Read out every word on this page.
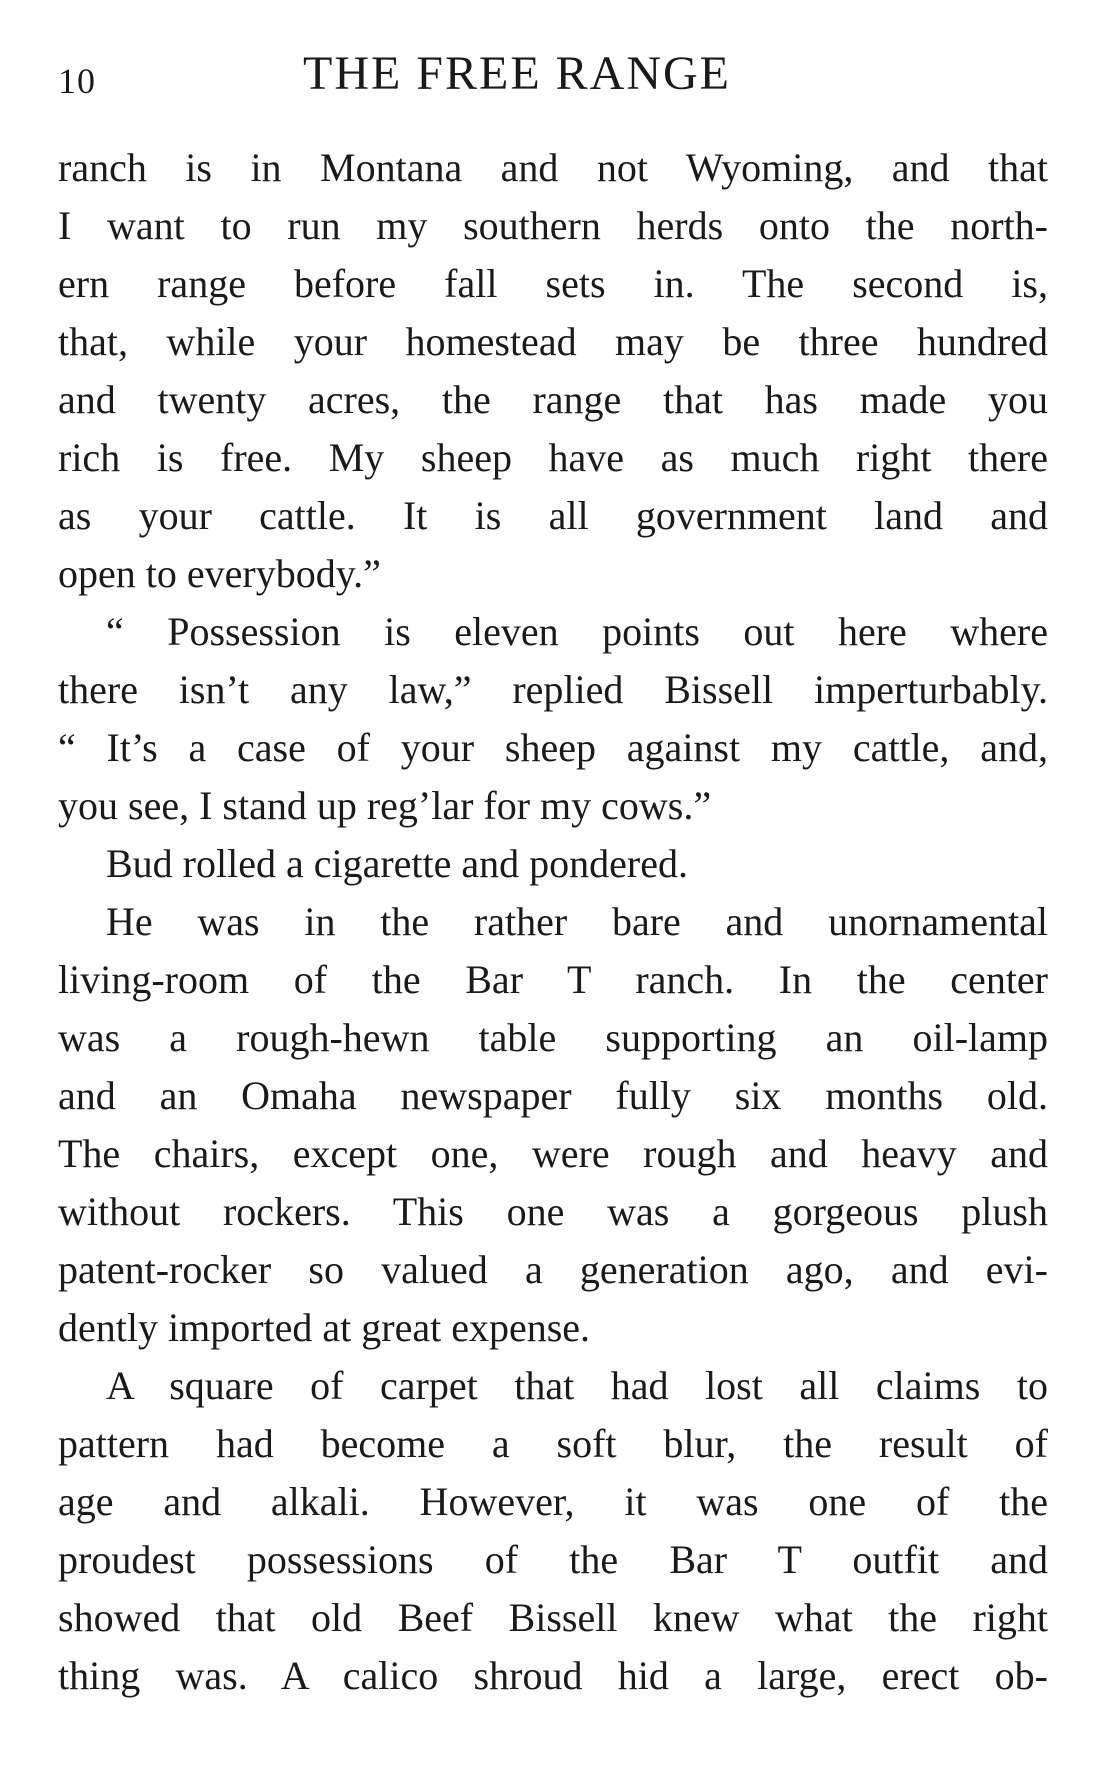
10	THE FREE RANGE
ranch is in Montana and not Wyoming, and that
I want to run my southern herds onto the north-
ern range before fall sets in. The second is,
that, while your homestead may be three hundred
and twenty acres, the range that has made you
rich is free. My sheep have as much right there
as your cattle. It is all government land and
open to everybody.”
“ Possession is eleven points out here where
there isn’t any law,” replied Bissell imperturbably.
“ It’s a case of your sheep against my cattle, and,
you see, I stand up reg’lar for my cows.”
Bud rolled a cigarette and pondered.
He was in the rather bare and unornamental
living-room of the Bar T ranch. In the center
was a rough-hewn table supporting an oil-lamp
and an Omaha newspaper fully six months old.
The chairs, except one, were rough and heavy and
without rockers. This one was a gorgeous plush
patent-rocker so valued a generation ago, and evi-
dently imported at great expense.
A square of carpet that had lost all claims to
pattern had become a soft blur, the result of
age and alkali. However, it was one of the
proudest possessions of the Bar T outfit and
showed that old Beef Bissell knew what the right
thing was. A calico shroud hid a large, erect ob-
